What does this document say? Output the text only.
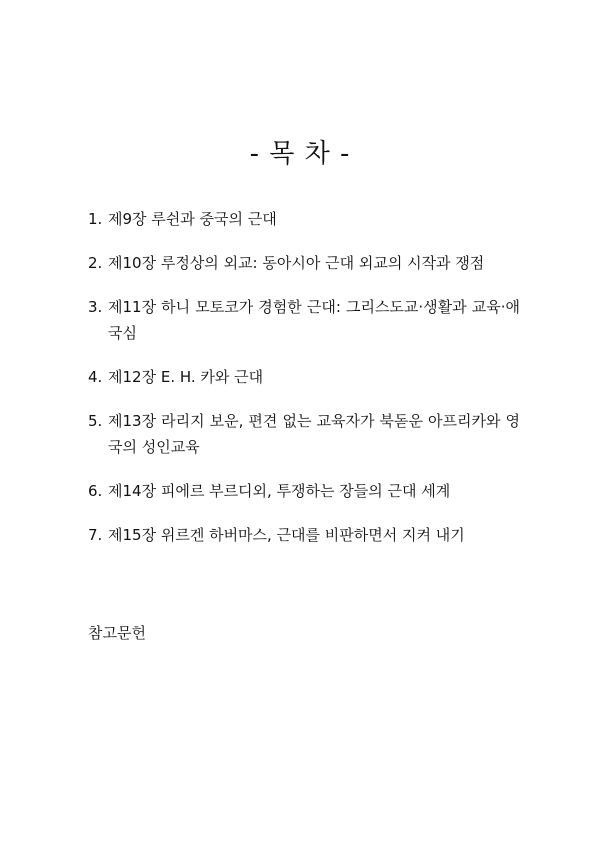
- 목 차 -
1. 제9장 루쉰과 중국의 근대
2. 제10장 루정상의 외교: 동아시아 근대 외교의 시작과 쟁점
3. 제11장 하니 모토코가 경험한 근대: 그리스도교·생활과 교육·애국심
4. 제12장 E. H. 카와 근대
5. 제13장 라리지 보운, 편견 없는 교육자가 북돋운 아프리카와 영국의 성인교육
6. 제14장 피에르 부르디외, 투쟁하는 장들의 근대 세계
7. 제15장 위르겐 하버마스, 근대를 비판하면서 지켜 내기
참고문헌
